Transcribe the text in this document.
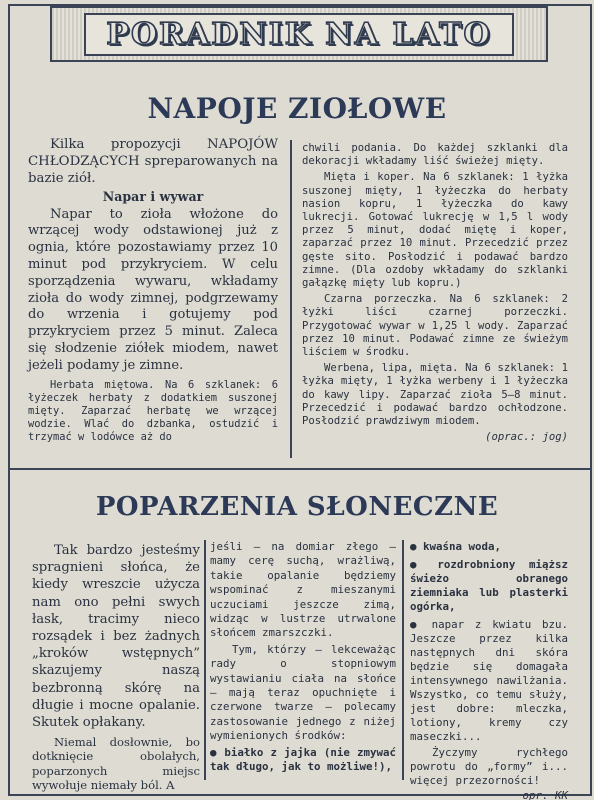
PORADNIK NA LATO
NAPOJE ZIOŁOWE

Kilka propozycji NAPOJÓW CHŁODZĄCYCH spreparowanych na bazie ziół.

Napar i wywar

Napar to zioła włożone do wrzącej wody odstawionej już z ognia, które pozostawiamy przez 10 minut pod przykryciem. W celu sporządzenia wywaru, wkładamy zioła do wody zimnej, podgrzewamy do wrzenia i gotujemy pod przykryciem przez 5 minut. Zaleca się słodzenie ziółek miodem, nawet jeżeli podamy je zimne.

Herbata miętowa. Na 6 szklanek: 6 łyżeczek herbaty z dodatkiem suszonej mięty. Zaparzać herbatę we wrzącej wodzie. Wlać do dzbanka, ostudzić i trzymać w lodówce aż do

chwili podania. Do każdej szklanki dla dekoracji wkładamy liść świeżej mięty.

Mięta i koper. Na 6 szklanek: 1 łyżka suszonej mięty, 1 łyżeczka do herbaty nasion kopru, 1 łyżeczka do kawy lukrecji. Gotować lukrecję w 1,5 l wody przez 5 minut, dodać miętę i koper, zaparzać przez 10 minut. Przecedzić przez gęste sito. Posłodzić i podawać bardzo zimne. (Dla ozdoby wkładamy do szklanki gałązkę mięty lub kopru.)

Czarna porzeczka. Na 6 szklanek: 2 łyżki liści czarnej porzeczki. Przygotować wywar w 1,25 l wody. Zaparzać przez 10 minut. Podawać zimne ze świeżym liściem w środku.

Werbena, lipa, mięta. Na 6 szklanek: 1 łyżka mięty, 1 łyżka werbeny i 1 łyżeczka do kawy lipy. Zaparzać zioła 5—8 minut. Przecedzić i podawać bardzo ochłodzone. Posłodzić prawdziwym miodem.

(oprac.: jog)

POPARZENIA SŁONECZNE

Tak bardzo jesteśmy spragnieni słońca, że kiedy wreszcie użycza nam ono pełni swych łask, tracimy nieco rozsądek i bez żadnych „kroków wstępnych” skazujemy naszą bezbronną skórę na długie i mocne opalanie. Skutek opłakany.

Niemal dosłownie, bo dotknięcie obolałych, poparzonych miejsc wywołuje niemały ból. A

jeśli — na domiar złego — mamy cerę suchą, wrażliwą, takie opalanie będziemy wspominać z mieszanymi uczuciami jeszcze zimą, widząc w lustrze utrwalone słońcem zmarszczki.

Tym, którzy — lekceważąc rady o stopniowym wystawianiu ciała na słońce — mają teraz opuchnięte i czerwone twarze — polecamy zastosowanie jednego z niżej wymienionych środków:

● białko z jajka (nie zmywać tak długo, jak to możliwe!),

● kwaśna woda,

● rozdrobniony miąższ świeżo obranego ziemniaka lub plasterki ogórka,

● napar z kwiatu bzu. Jeszcze przez kilka następnych dni skóra będzie się domagała intensywnego nawilżania. Wszystko, co temu służy, jest dobre: mleczka, lotiony, kremy czy maseczki...

Życzymy rychłego powrotu do „formy” i... więcej przezorności!

opr. KK
